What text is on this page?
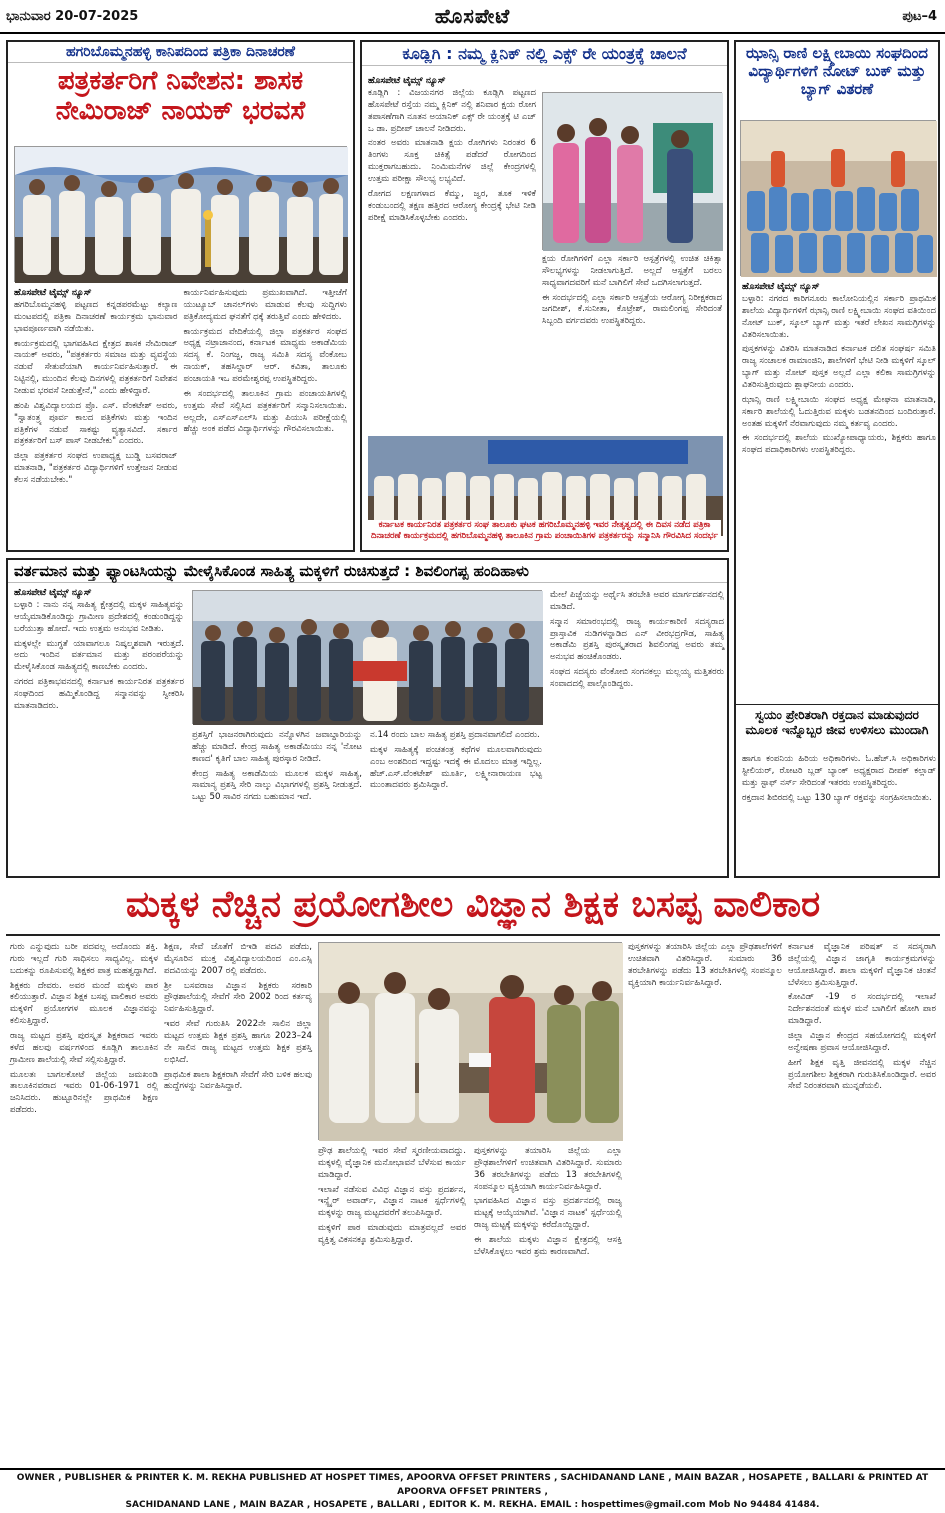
ಭಾನುವಾರ 20-07-2025	ಹೊಸಪೇಟೆ	ಪುಟ–4
ಹಗರಿಬೊಮ್ಮನಹಳ್ಳಿ ಕಾನಿಪದಿಂದ ಪತ್ರಿಕಾ ದಿನಾಚರಣೆ
ಪತ್ರಕರ್ತರಿಗೆ ನಿವೇಶನ: ಶಾಸಕ ನೇಮಿರಾಜ್ ನಾಯಕ್ ಭರವಸೆ
ಹೊಸಪೇಟೆ ಟೈಮ್ಸ್ ನ್ಯೂಸ್

ಹಗರಿಬೊಮ್ಮನಹಳ್ಳಿ ಪಟ್ಟಣದ ಕನ್ನಡಪರಮೆಟ್ಟು ಕಲ್ಯಾಣ ಮಂಟಪದಲ್ಲಿ ಪತ್ರಿಕಾ ದಿನಾಚರಣೆ ಕಾರ್ಯಕ್ರಮ ಭಾನುವಾರ ಭಾವಪೂರ್ಣವಾಗಿ ನಡೆಯಿತು.

ಕಾರ್ಯಕ್ರಮದಲ್ಲಿ ಭಾಗವಹಿಸಿದ ಕ್ಷೇತ್ರದ ಶಾಸಕ ನೇಮಿರಾಜ್ ನಾಯಕ್ ಅವರು, "ಪತ್ರಕರ್ತರು ಸಮಾಜ ಮತ್ತು ವ್ಯವಸ್ಥೆಯ ನಡುವೆ ಸೇತುವೆಯಾಗಿ ಕಾರ್ಯನಿರ್ವಹಿಸುತ್ತಾರೆ. ಈ ನಿಟ್ಟಿನಲ್ಲಿ, ಮುಂದಿನ ಕೆಲವು ದಿನಗಳಲ್ಲಿ ಪತ್ರಕರ್ತರಿಗೆ ನಿವೇಶನ ನೀಡುವ ಭರವಸೆ ನೀಡುತ್ತೇನೆ," ಎಂದು ಹೇಳಿದ್ದಾರೆ.

ಹಂಪಿ ವಿಶ್ವವಿದ್ಯಾಲಯದ ಪ್ರೊ. ಎಸ್. ವೆಂಕಟೇಶ್ ಅವರು, "ಸ್ವಾತಂತ್ರ್ಯ ಪೂರ್ವ ಕಾಲದ ಪತ್ರಿಕೆಗಳು ಮತ್ತು ಇಂದಿನ ಪತ್ರಿಕೆಗಳ ನಡುವೆ ಸಾಕಷ್ಟು ವ್ಯತ್ಯಾಸವಿದೆ. ಸರ್ಕಾರ ಪತ್ರಕರ್ತರಿಗೆ ಬಸ್ ಪಾಸ್ ನೀಡಬೇಕು" ಎಂದರು.

ಜಿಲ್ಲಾ ಪತ್ರಕರ್ತರ ಸಂಘದ ಉಪಾಧ್ಯಕ್ಷ ಬುಡ್ಡಿ ಬಸವರಾಜ್ ಮಾತನಾಡಿ, "ಪತ್ರಕರ್ತರ ವಿದ್ಯಾರ್ಥಿಗಳಿಗೆ ಉತ್ತೇಜನ ನೀಡುವ ಕೆಲಸ ನಡೆಯಬೇಕು."

ಕಾರ್ಯನಿರ್ವಹಿಸುವುದು ಪ್ರಮುಖವಾಗಿದೆ. ಇತ್ತೀಚೆಗೆ ಯುಟ್ಯೂಬ್ ಚಾನಲ್‌ಗಳು ಮಾಡುವ ಕೆಲವು ಸುದ್ದಿಗಳು ಪತ್ರಿಕೋದ್ಯಮದ ಘನತೆಗೆ ಧಕ್ಕೆ ತರುತ್ತಿವೆ ಎಂದು ಹೇಳಿದರು.

ಕಾರ್ಯಕ್ರಮದ ವೇದಿಕೆಯಲ್ಲಿ ಜಿಲ್ಲಾ ಪತ್ರಕರ್ತರ ಸಂಘದ ಅಧ್ಯಕ್ಷ ನಟ್ರಾಜಾನಂದ, ಕರ್ನಾಟಕ ಮಾಧ್ಯಮ ಅಕಾಡೆಮಿಯ ಸದಸ್ಯ ಕೆ. ನಿಂಗಜ್ಜ, ರಾಜ್ಯ ಸಮಿತಿ ಸದಸ್ಯ ವೆಂಕೋಬ ನಾಯಕ್, ತಹಸಿಲ್ದಾರ್ ಆರ್. ಕವಿತಾ, ತಾಲೂಕು ಪಂಚಾಯತಿ ಇಒ ಪರಮೇಶ್ವರಪ್ಪ ಉಪಸ್ಥಿತರಿದ್ದರು.

ಈ ಸಂದರ್ಭದಲ್ಲಿ ತಾಲೂಕಿನ ಗ್ರಾಮ ಪಂಚಾಯತಿಗಳಲ್ಲಿ ಉತ್ತಮ ಸೇವೆ ಸಲ್ಲಿಸಿದ ಪತ್ರಕರ್ತರಿಗೆ ಸನ್ಮಾನಿಸಲಾಯಿತು. ಅಲ್ಲದೇ, ಎಸ್‌ಎಸ್‌ಎಲ್‌ಸಿ ಮತ್ತು ಪಿಯುಸಿ ಪರೀಕ್ಷೆಯಲ್ಲಿ ಹೆಚ್ಚು ಅಂಕ ಪಡೆದ ವಿದ್ಯಾರ್ಥಿಗಳನ್ನು ಗೌರವಿಸಲಾಯಿತು.

ಕೂಡ್ಲಿಗಿ : ನಮ್ಮ ಕ್ಲಿನಿಕ್ ನಲ್ಲಿ ಎಕ್ಸ್ ರೇ ಯಂತ್ರಕ್ಕೆ ಚಾಲನೆ
ಹೊಸಪೇಟೆ ಟೈಮ್ಸ್ ನ್ಯೂಸ್

ಕೂಡ್ಲಿಗಿ : ವಿಜಯನಗರ ಜಿಲ್ಲೆಯ ಕೂಡ್ಲಿಗಿ ಪಟ್ಟಣದ ಹೊಸಪೇಟೆ ರಸ್ತೆಯ ನಮ್ಮ ಕ್ಲಿನಿಕ್ ನಲ್ಲಿ ಶನಿವಾರ ಕ್ಷಯ ರೋಗ ತಪಾಸಣೆಗಾಗಿ ನೂತನ ಅಯಾನಿಕ್ ಎಕ್ಸ್ ರೇ ಯಂತ್ರಕ್ಕೆ ಟಿ ಎಚ್ ಒ ಡಾ. ಪ್ರದೀಪ್ ಚಾಲನೆ ನೀಡಿದರು.

ನಂತರ ಅವರು ಮಾತನಾಡಿ ಕ್ಷಯ ರೋಗಿಗಳು ನಿರಂತರ 6 ತಿಂಗಳು ಸೂಕ್ತ ಚಿಕಿತ್ಸೆ ಪಡೆದರೆ ರೋಗದಿಂದ ಮುಕ್ತರಾಗಬಹುದು. ನಿಂಮಿಮನೆಗಳ ಜಿಲ್ಲೆ ಕೇಂದ್ರಗಳಲ್ಲಿ ಉತ್ತಮ ಪರೀಕ್ಷಾ ಸೌಲಭ್ಯ ಲಭ್ಯವಿದೆ.

ರೋಗದ ಲಕ್ಷಣಗಳಾದ ಕೆಮ್ಮು, ಜ್ವರ, ತೂಕ ಇಳಿಕೆ ಕಂಡುಬಂದಲ್ಲಿ ತಕ್ಷಣ ಹತ್ತಿರದ ಆರೋಗ್ಯ ಕೇಂದ್ರಕ್ಕೆ ಭೇಟಿ ನೀಡಿ ಪರೀಕ್ಷೆ ಮಾಡಿಸಿಕೊಳ್ಳಬೇಕು ಎಂದರು.

ಕ್ಷಯ ರೋಗಿಗಳಿಗೆ ಎಲ್ಲಾ ಸರ್ಕಾರಿ ಆಸ್ಪತ್ರೆಗಳಲ್ಲಿ ಉಚಿತ ಚಿಕಿತ್ಸಾ ಸೌಲಭ್ಯಗಳನ್ನು ನೀಡಲಾಗುತ್ತಿದೆ. ಅಲ್ಲದೆ ಆಸ್ಪತ್ರೆಗೆ ಬರಲು ಸಾಧ್ಯವಾಗದವರಿಗೆ ಮನೆ ಬಾಗಿಲಿಗೆ ಸೇವೆ ಒದಗಿಸಲಾಗುತ್ತದೆ.

ಈ ಸಂದರ್ಭದಲ್ಲಿ ಎಲ್ಲಾ ಸರ್ಕಾರಿ ಆಸ್ಪತ್ರೆಯ ಆರೋಗ್ಯ ನಿರೀಕ್ಷಕರಾದ ಜಗದೀಶ್, ಕೆ.ಸುನೀತಾ, ಕೊಟ್ರೇಶ್, ರಾಮಲಿಂಗಪ್ಪ ಸೇರಿದಂತೆ ಸಿಬ್ಬಂದಿ ವರ್ಗದವರು ಉಪಸ್ಥಿತರಿದ್ದರು.

ಕರ್ನಾಟಕ ಕಾರ್ಯನಿರತ ಪತ್ರಕರ್ತರ ಸಂಘ ತಾಲೂಕು ಘಟಕ ಹಗರಿಬೊಮ್ಮನಹಳ್ಳಿ ಇವರ ನೇತೃತ್ವದಲ್ಲಿ ಈ ದಿವಸ ನಡೆದ ಪತ್ರಿಕಾ ದಿನಾಚರಣೆ ಕಾರ್ಯಕ್ರಮದಲ್ಲಿ ಹಗರಿಬೊಮ್ಮನಹಳ್ಳಿ ತಾಲೂಕಿನ ಗ್ರಾಮ ಪಂಚಾಯಿತಿಗಳ ಪತ್ರಕರ್ತರನ್ನು ಸನ್ಮಾನಿಸಿ ಗೌರವಿಸಿದ ಸಂದರ್ಭ
ಝಾನ್ಸಿ ರಾಣಿ ಲಕ್ಷ್ಮೀಬಾಯಿ ಸಂಘದಿಂದ ವಿದ್ಯಾರ್ಥಿಗಳಿಗೆ ನೋಟ್ ಬುಕ್ ಮತ್ತು ಬ್ಯಾಗ್ ವಿತರಣೆ
ಹೊಸಪೇಟೆ ಟೈಮ್ಸ್ ನ್ಯೂಸ್

ಬಳ್ಳಾರಿ: ನಗರದ ಕಾರಿಗನೂರು ಕಾಲೋನಿಯಲ್ಲಿನ ಸರ್ಕಾರಿ ಪ್ರಾಥಮಿಕ ಶಾಲೆಯ ವಿದ್ಯಾರ್ಥಿಗಳಿಗೆ ಝಾನ್ಸಿ ರಾಣಿ ಲಕ್ಷ್ಮೀಬಾಯಿ ಸಂಘದ ವತಿಯಿಂದ ನೋಟ್ ಬುಕ್, ಸ್ಕೂಲ್ ಬ್ಯಾಗ್ ಮತ್ತು ಇತರೆ ಲೇಖನ ಸಾಮಗ್ರಿಗಳನ್ನು ವಿತರಿಸಲಾಯಿತು.

ಪುಸ್ತಕಗಳನ್ನು ವಿತರಿಸಿ ಮಾತನಾಡಿದ ಕರ್ನಾಟಕ ದಲಿತ ಸಂಘರ್ಷ ಸಮಿತಿ ರಾಜ್ಯ ಸಂಚಾಲಕ ರಾಮಾಂಜಿನಿ, ಶಾಲೆಗಳಿಗೆ ಭೇಟಿ ನೀಡಿ ಮಕ್ಕಳಿಗೆ ಸ್ಕೂಲ್ ಬ್ಯಾಗ್ ಮತ್ತು ನೋಟ್ ಪುಸ್ತಕ ಅಲ್ಲದೆ ಎಲ್ಲಾ ಕಲಿಕಾ ಸಾಮಗ್ರಿಗಳನ್ನು ವಿತರಿಸುತ್ತಿರುವುದು ಶ್ಲಾಘನೀಯ ಎಂದರು.

ಝಾನ್ಸಿ ರಾಣಿ ಲಕ್ಷ್ಮೀಬಾಯಿ ಸಂಘದ ಅಧ್ಯಕ್ಷ ಮೇಘನಾ ಮಾತನಾಡಿ, ಸರ್ಕಾರಿ ಶಾಲೆಯಲ್ಲಿ ಓದುತ್ತಿರುವ ಮಕ್ಕಳು ಬಡತನದಿಂದ ಬಂದಿರುತ್ತಾರೆ. ಅಂತಹ ಮಕ್ಕಳಿಗೆ ನೆರವಾಗುವುದು ನಮ್ಮ ಕರ್ತವ್ಯ ಎಂದರು.

ಈ ಸಂದರ್ಭದಲ್ಲಿ ಶಾಲೆಯ ಮುಖ್ಯೋಪಾಧ್ಯಾಯರು, ಶಿಕ್ಷಕರು ಹಾಗೂ ಸಂಘದ ಪದಾಧಿಕಾರಿಗಳು ಉಪಸ್ಥಿತರಿದ್ದರು.

ಸ್ವಯಂ ಪ್ರೇರಿತರಾಗಿ ರಕ್ತದಾನ ಮಾಡುವುದರ ಮೂಲಕ ಇನ್ನೊಬ್ಬರ ಜೀವ ಉಳಿಸಲು ಮುಂದಾಗಿ

ಹಾಗೂ ಕಂಪನಿಯ ಹಿರಿಯ ಅಧಿಕಾರಿಗಳು. ಓ.ಹೆಚ್.ಸಿ ಅಧಿಕಾರಿಗಳು ಸ್ಟೀಲಿಯರ್, ರೋಟರಿ ಬ್ಲಡ್ ಬ್ಯಾಂಕ್ ಅಧ್ಯಕ್ಷರಾದ ದೀಪಕ್ ಕಲ್ಲಾಡ್ ಮತ್ತು ಸ್ಟಾಫ್ ನರ್ಸ್ ಸೇರಿದಂತೆ ಇತರರು ಉಪಸ್ಥಿತರಿದ್ದರು.

ರಕ್ತದಾನ ಶಿಬಿರದಲ್ಲಿ ಒಟ್ಟು 130 ಬ್ಯಾಗ್ ರಕ್ತವನ್ನು ಸಂಗ್ರಹಿಸಲಾಯಿತು.

ವರ್ತಮಾನ ಮತ್ತು ಫ್ಯಾಂಟಸಿಯನ್ನು ಮೇಳೈಸಿಕೊಂಡ ಸಾಹಿತ್ಯ ಮಕ್ಕಳಿಗೆ ರುಚಿಸುತ್ತದೆ : ಶಿವಲಿಂಗಪ್ಪ ಹಂದಿಹಾಳು
ಹೊಸಪೇಟೆ ಟೈಮ್ಸ್ ನ್ಯೂಸ್

ಬಳ್ಳಾರಿ : ನಾನು ನನ್ನ ಸಾಹಿತ್ಯ ಕ್ಷೇತ್ರದಲ್ಲಿ ಮಕ್ಕಳ ಸಾಹಿತ್ಯವನ್ನು ಆಯ್ಕೆಮಾಡಿಕೊಂಡಿದ್ದು ಗ್ರಾಮೀಣ ಪ್ರದೇಶದಲ್ಲಿ ಕಂಡುಂಡಿದ್ದನ್ನು ಬರೆಯುತ್ತಾ ಹೋದೆ. ಇದು ಉತ್ತಮ ಅನುಭವ ನೀಡಿತು.

ಮಕ್ಕಳಲ್ಲೇ ಮುಗ್ಧತೆ ಯಾವಾಗಲೂ ನಿಷ್ಕಲ್ಮಶವಾಗಿ ಇರುತ್ತದೆ. ಅದು ಇಂದಿನ ವರ್ತಮಾನ ಮತ್ತು ಪರಂಪರೆಯನ್ನು ಮೇಳೈಸಿಕೊಂಡ ಸಾಹಿತ್ಯದಲ್ಲಿ ಕಾಣಬೇಕು ಎಂದರು.

ನಗರದ ಪತ್ರಿಕಾಭವನದಲ್ಲಿ ಕರ್ನಾಟಕ ಕಾರ್ಯನಿರತ ಪತ್ರಕರ್ತರ ಸಂಘದಿಂದ ಹಮ್ಮಿಕೊಂಡಿದ್ದ ಸನ್ಮಾನವನ್ನು ಸ್ವೀಕರಿಸಿ ಮಾತನಾಡಿದರು.

ಪ್ರಶಸ್ತಿಗೆ ಭಾಜನರಾಗಿರುವುದು ನನ್ನೊಳಗಿನ ಜವಾಬ್ದಾರಿಯನ್ನು ಹೆಚ್ಚು ಮಾಡಿದೆ. ಕೇಂದ್ರ ಸಾಹಿತ್ಯ ಅಕಾಡೆಮಿಯು ನನ್ನ 'ನೋಟ ಕಾಣದ' ಕೃತಿಗೆ ಬಾಲ ಸಾಹಿತ್ಯ ಪುರಸ್ಕಾರ ನೀಡಿದೆ.

ಕೇಂದ್ರ ಸಾಹಿತ್ಯ ಅಕಾಡೆಮಿಯ ಮೂಲಕ ಮಕ್ಕಳ ಸಾಹಿತ್ಯ, ಸಾಮಾನ್ಯ ಪ್ರಶಸ್ತಿ ಸೇರಿ ನಾಲ್ಕು ವಿಭಾಗಗಳಲ್ಲಿ ಪ್ರಶಸ್ತಿ ನೀಡುತ್ತದೆ. ಒಟ್ಟು 50 ಸಾವಿರ ನಗದು ಬಹುಮಾನ ಇದೆ.

ನ.14 ರಂದು ಬಾಲ ಸಾಹಿತ್ಯ ಪ್ರಶಸ್ತಿ ಪ್ರದಾನವಾಗಲಿದೆ ಎಂದರು.

ಮಕ್ಕಳ ಸಾಹಿತ್ಯಕ್ಕೆ ಪಂಚತಂತ್ರ ಕಥೆಗಳ ಮೂಲವಾಗಿರುವುದು ಎಂಬ ಅಂಶದಿಂದ ಇದ್ದಷ್ಟು ಇದಕ್ಕೆ ಈ ಮೊದಲು ಮಾತ್ರ ಇದ್ದಿಲ್ಲ. ಹೆಚ್.ಎಸ್.ವೆಂಕಟೇಶ್ ಮೂರ್ತಿ, ಲಕ್ಷ್ಮೀನಾರಾಯಣ ಭಟ್ಟ ಮುಂತಾದವರು ಶ್ರಮಿಸಿದ್ದಾರೆ.

ಮೇಲೆ ಪಿಚ್ಚೆಯನ್ನು ಅರ್ಥೈಸಿ ತರಬೇತಿ ಅವರ ಮಾರ್ಗದರ್ಶನದಲ್ಲಿ ಮಾಡಿದೆ.

ಸನ್ಮಾನ ಸಮಾರಂಭದಲ್ಲಿ ರಾಜ್ಯ ಕಾರ್ಯಕಾರಿಣಿ ಸದಸ್ಯರಾದ ಪ್ರಾಸ್ತಾವಿಕ ನುಡಿಗಳನ್ನಾಡಿದ ಎನ್ ವೀರಭದ್ರಗೌಡ, ಸಾಹಿತ್ಯ ಅಕಾಡೆಮಿ ಪ್ರಶಸ್ತಿ ಪುರಸ್ಕೃತರಾದ ಶಿವಲಿಂಗಪ್ಪ ಅವರು ತಮ್ಮ ಅನುಭವ ಹಂಚಿಕೊಂಡರು.

ಸಂಘದ ಸದಸ್ಯರು ವೆಂಕೋಬಿ ಸಂಗನಕಲ್ಲು ಮಲ್ಲಯ್ಯ ಮತ್ತಿತರರು ಸಂವಾದದಲ್ಲಿ ಪಾಲ್ಗೊಂಡಿದ್ದರು.

ಮಕ್ಕಳ ನೆಚ್ಚಿನ ಪ್ರಯೋಗಶೀಲ ವಿಜ್ಞಾನ ಶಿಕ್ಷಕ ಬಸಪ್ಪ ವಾಲಿಕಾರ

ಗುರು ಎನ್ನುವುದು ಬರೀ ಪದವಲ್ಲ ಅದೊಂದು ಶಕ್ತಿ. ಗುರು ಇಲ್ಲದೆ ಗುರಿ ಸಾಧಿಸಲು ಸಾಧ್ಯವಿಲ್ಲ. ಮಕ್ಕಳ ಬದುಕನ್ನು ರೂಪಿಸುವಲ್ಲಿ ಶಿಕ್ಷಕರ ಪಾತ್ರ ಮಹತ್ವದ್ದಾಗಿದೆ.

ಶಿಕ್ಷಕರು ದೇವರು. ಅವರ ಮಂದೆ ಮಕ್ಕಳು ಪಾಠ ಕಲಿಯುತ್ತಾರೆ. ವಿಜ್ಞಾನ ಶಿಕ್ಷಕ ಬಸಪ್ಪ ವಾಲಿಕಾರ ಅವರು ಮಕ್ಕಳಿಗೆ ಪ್ರಯೋಗಗಳ ಮೂಲಕ ವಿಜ್ಞಾನವನ್ನು ಕಲಿಸುತ್ತಿದ್ದಾರೆ.

ರಾಜ್ಯ ಮಟ್ಟದ ಪ್ರಶಸ್ತಿ ಪುರಸ್ಕೃತ ಶಿಕ್ಷಕರಾದ ಇವರು ಕಳೆದ ಹಲವು ವರ್ಷಗಳಿಂದ ಕೂಡ್ಲಿಗಿ ತಾಲೂಕಿನ ಗ್ರಾಮೀಣ ಶಾಲೆಯಲ್ಲಿ ಸೇವೆ ಸಲ್ಲಿಸುತ್ತಿದ್ದಾರೆ.

ಮೂಲತಃ ಬಾಗಲಕೋಟೆ ಜಿಲ್ಲೆಯ ಜಮಖಂಡಿ ತಾಲೂಕಿನವರಾದ ಇವರು 01-06-1971 ರಲ್ಲಿ ಜನಿಸಿದರು. ಹುಟ್ಟೂರಿನಲ್ಲೇ ಪ್ರಾಥಮಿಕ ಶಿಕ್ಷಣ ಪಡೆದರು.

ಶಿಕ್ಷಣ, ಸೇವೆ ಜೊತೆಗೆ ಬಿಇಡಿ ಪದವಿ ಪಡೆದು, ಮೈಸೂರಿನ ಮುಕ್ತ ವಿಶ್ವವಿದ್ಯಾಲಯದಿಂದ ಎಂ.ಎಸ್ಸಿ ಪದವಿಯನ್ನು 2007 ರಲ್ಲಿ ಪಡೆದರು.

ಶ್ರೀ ಬಸವರಾಜ ವಿಜ್ಞಾನ ಶಿಕ್ಷಕರು ಸರಕಾರಿ ಪ್ರೌಢಶಾಲೆಯಲ್ಲಿ ಸೇವೆಗೆ ಸೇರಿ 2002 ರಿಂದ ಕರ್ತವ್ಯ ನಿರ್ವಹಿಸುತ್ತಿದ್ದಾರೆ.

ಇವರ ಸೇವೆ ಗುರುತಿಸಿ 2022ನೇ ಸಾಲಿನ ಜಿಲ್ಲಾ ಮಟ್ಟದ ಉತ್ತಮ ಶಿಕ್ಷಕ ಪ್ರಶಸ್ತಿ ಹಾಗೂ 2023–24 ನೇ ಸಾಲಿನ ರಾಜ್ಯ ಮಟ್ಟದ ಉತ್ತಮ ಶಿಕ್ಷಕ ಪ್ರಶಸ್ತಿ ಲಭಿಸಿದೆ.

ಪ್ರಾಥಮಿಕ ಶಾಲಾ ಶಿಕ್ಷಕರಾಗಿ ಸೇವೆಗೆ ಸೇರಿ ಬಳಿಕ ಹಲವು ಹುದ್ದೆಗಳನ್ನು ನಿರ್ವಹಿಸಿದ್ದಾರೆ.

ಪ್ರೌಢ ಶಾಲೆಯಲ್ಲಿ ಇವರ ಸೇವೆ ಸ್ಮರಣೀಯವಾದದ್ದು. ಮಕ್ಕಳಲ್ಲಿ ವೈಜ್ಞಾನಿಕ ಮನೋಭಾವನೆ ಬೆಳೆಸುವ ಕಾರ್ಯ ಮಾಡಿದ್ದಾರೆ.

ಇಲಾಖೆ ನಡೆಸುವ ವಿವಿಧ ವಿಜ್ಞಾನ ವಸ್ತು ಪ್ರದರ್ಶನ, ಇನ್ಸ್ಪೈರ್ ಅವಾರ್ಡ್, ವಿಜ್ಞಾನ ನಾಟಕ ಸ್ಪರ್ಧೆಗಳಲ್ಲಿ ಮಕ್ಕಳನ್ನು ರಾಜ್ಯ ಮಟ್ಟದವರೆಗೆ ತಲುಪಿಸಿದ್ದಾರೆ.

ಮಕ್ಕಳಿಗೆ ಪಾಠ ಮಾಡುವುದು ಮಾತ್ರವಲ್ಲದೆ ಅವರ ವ್ಯಕ್ತಿತ್ವ ವಿಕಸನಕ್ಕೂ ಶ್ರಮಿಸುತ್ತಿದ್ದಾರೆ.

ಪುಸ್ತಕಗಳನ್ನು ತಯಾರಿಸಿ ಜಿಲ್ಲೆಯ ಎಲ್ಲಾ ಪ್ರೌಢಶಾಲೆಗಳಿಗೆ ಉಚಿತವಾಗಿ ವಿತರಿಸಿದ್ದಾರೆ. ಸುಮಾರು 36 ತರಬೇತಿಗಳನ್ನು ಪಡೆದು 13 ತರಬೇತಿಗಳಲ್ಲಿ ಸಂಪನ್ಮೂಲ ವ್ಯಕ್ತಿಯಾಗಿ ಕಾರ್ಯನಿರ್ವಹಿಸಿದ್ದಾರೆ.

ಭಾಗವಹಿಸಿದ ವಿಜ್ಞಾನ ವಸ್ತು ಪ್ರದರ್ಶನದಲ್ಲಿ ರಾಜ್ಯ ಮಟ್ಟಕ್ಕೆ ಆಯ್ಕೆಯಾಗಿವೆ. 'ವಿಜ್ಞಾನ ನಾಟಕ' ಸ್ಪರ್ಧೆಯಲ್ಲಿ ರಾಜ್ಯ ಮಟ್ಟಕ್ಕೆ ಮಕ್ಕಳನ್ನು ಕರೆದೊಯ್ದಿದ್ದಾರೆ.

ಈ ಶಾಲೆಯ ಮಕ್ಕಳು ವಿಜ್ಞಾನ ಕ್ಷೇತ್ರದಲ್ಲಿ ಆಸಕ್ತಿ ಬೆಳೆಸಿಕೊಳ್ಳಲು ಇವರ ಶ್ರಮ ಕಾರಣವಾಗಿದೆ.

ಪುಸ್ತಕಗಳನ್ನು ತಯಾರಿಸಿ ಜಿಲ್ಲೆಯ ಎಲ್ಲಾ ಪ್ರೌಢಶಾಲೆಗಳಿಗೆ ಉಚಿತವಾಗಿ ವಿತರಿಸಿದ್ದಾರೆ. ಸುಮಾರು 36 ತರಬೇತಿಗಳನ್ನು ಪಡೆದು 13 ತರಬೇತಿಗಳಲ್ಲಿ ಸಂಪನ್ಮೂಲ ವ್ಯಕ್ತಿಯಾಗಿ ಕಾರ್ಯನಿರ್ವಹಿಸಿದ್ದಾರೆ.

ಕರ್ನಾಟಕ ವೈಜ್ಞಾನಿಕ ಪರಿಷತ್ ನ ಸದಸ್ಯರಾಗಿ ಜಿಲ್ಲೆಯಲ್ಲಿ ವಿಜ್ಞಾನ ಜಾಗೃತಿ ಕಾರ್ಯಕ್ರಮಗಳನ್ನು ಆಯೋಜಿಸಿದ್ದಾರೆ. ಶಾಲಾ ಮಕ್ಕಳಿಗೆ ವೈಜ್ಞಾನಿಕ ಚಿಂತನೆ ಬೆಳೆಸಲು ಶ್ರಮಿಸುತ್ತಿದ್ದಾರೆ.

ಕೋವಿಡ್ -19 ರ ಸಂದರ್ಭದಲ್ಲಿ ಇಲಾಖೆ ನಿರ್ದೇಶನದಂತೆ ಮಕ್ಕಳ ಮನೆ ಬಾಗಿಲಿಗೆ ಹೋಗಿ ಪಾಠ ಮಾಡಿದ್ದಾರೆ.

ಜಿಲ್ಲಾ ವಿಜ್ಞಾನ ಕೇಂದ್ರದ ಸಹಯೋಗದಲ್ಲಿ ಮಕ್ಕಳಿಗೆ ಅನ್ವೇಷಣಾ ಪ್ರವಾಸ ಆಯೋಜಿಸಿದ್ದಾರೆ.

ಹೀಗೆ ಶಿಕ್ಷಕ ವೃತ್ತಿ ಜೀವನದಲ್ಲಿ ಮಕ್ಕಳ ನೆಚ್ಚಿನ ಪ್ರಯೋಗಶೀಲ ಶಿಕ್ಷಕರಾಗಿ ಗುರುತಿಸಿಕೊಂಡಿದ್ದಾರೆ. ಅವರ ಸೇವೆ ನಿರಂತರವಾಗಿ ಮುನ್ನಡೆಯಲಿ.

OWNER , PUBLISHER & PRINTER K. M. REKHA PUBLISHED AT HOSPET TIMES, APOORVA OFFSET PRINTERS , SACHIDANAND LANE , MAIN BAZAR , HOSAPETE , BALLARI & PRINTED AT APOORVA OFFSET PRINTERS ,
SACHIDANAND LANE , MAIN BAZAR , HOSAPETE , BALLARI , EDITOR K. M. REKHA. EMAIL : hospettimes@gmail.com Mob No 94484 41484.
